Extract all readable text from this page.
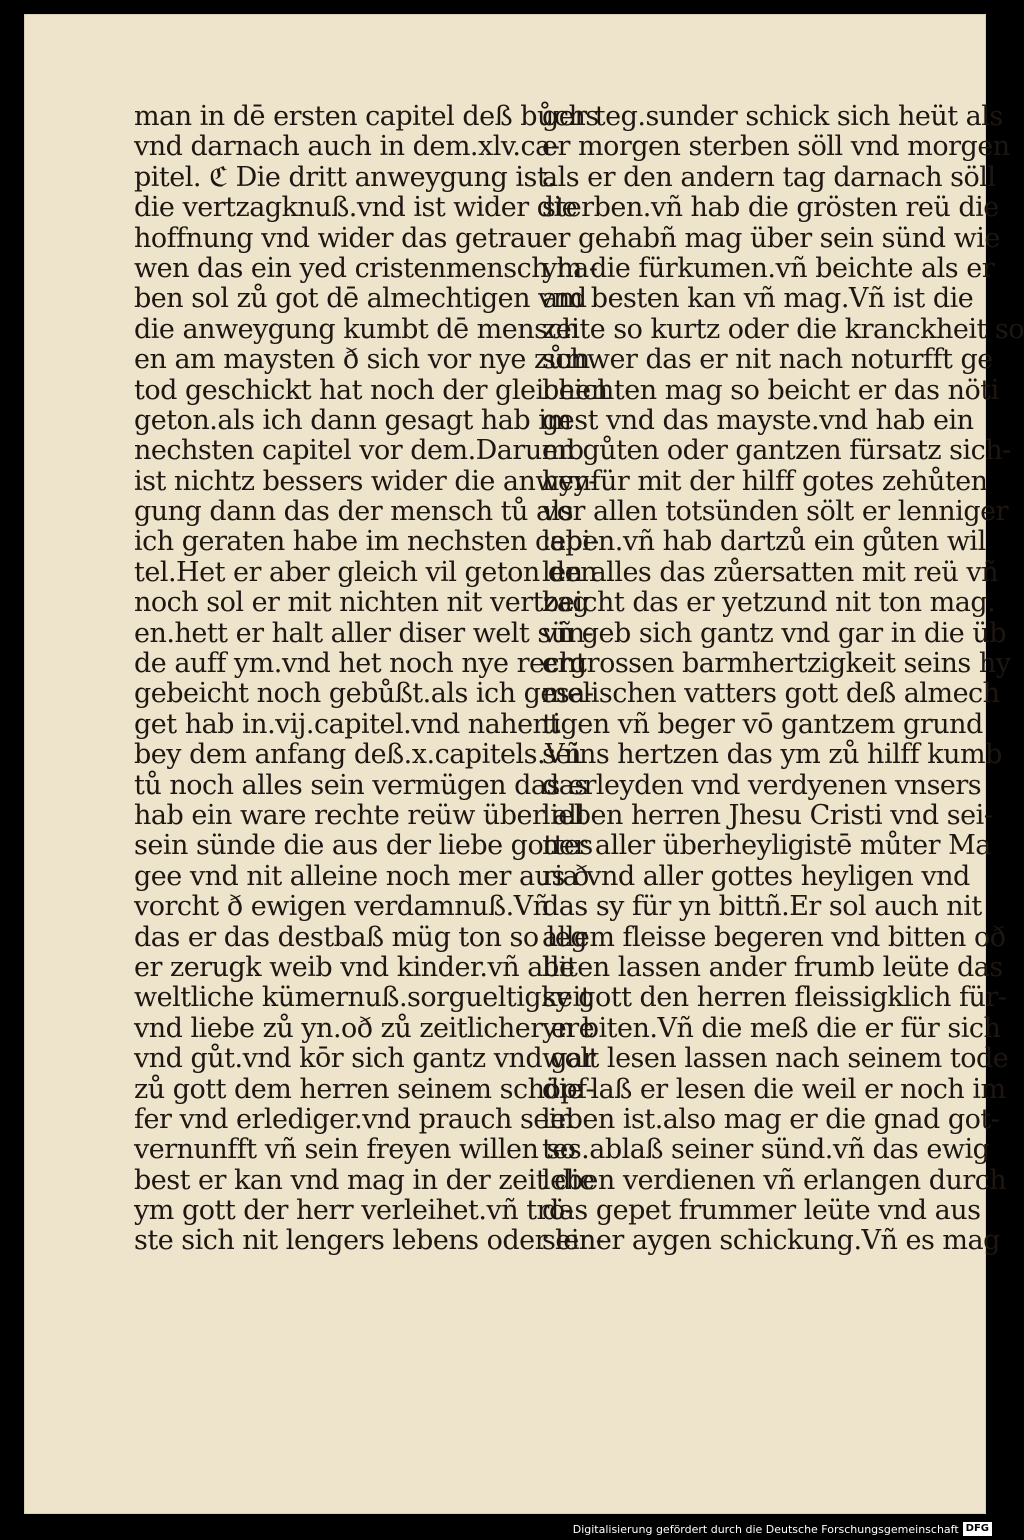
man in dē ersten capitel deß bůchs
vnd darnach auch in dem.xlv.ca-
pitel. ℭ Die dritt anweygung ist.
die vertzagknuß.vnd ist wider die
hoffnung vnd wider das getrau-
wen das ein yed cristenmensch ha-
ben sol zů got dē almechtigen vnd
die anweygung kumbt dē mensch
en am maysten ð sich vor nye zům
tod geschickt hat noch der gleichen
geton.als ich dann gesagt hab im
nechsten capitel vor dem.Darumb
ist nichtz bessers wider die anwey-
gung dann das der mensch tů als
ich geraten habe im nechsten capi-
tel.Het er aber gleich vil geton den
noch sol er mit nichten nit vertzag
en.hett er halt aller diser welt sün-
de auff ym.vnd het noch nye recht
gebeicht noch gebůßt.als ich gesa-
get hab in.vij.capitel.vnd nahent
bey dem anfang deß.x.capitels.Vñ
tů noch alles sein vermügen das er
hab ein ware rechte reüw über all
sein sünde die aus der liebe gottes
gee vnd nit alleine noch mer aus ð
vorcht ð ewigen verdamnuß.Vñ
das er das destbaß müg ton so leg
er zerugk weib vnd kinder.vñ alle
weltliche kümernuß.sorgueltigkeit
vnd liebe zů yn.oð zů zeitlicher ere
vnd gůt.vnd kōr sich gantz vnd gar
zů gott dem herren seinem schöpf-
fer vnd erlediger.vnd prauch sein
vernunfft vñ sein freyen willen so
best er kan vnd mag in der zeit die
ym gott der herr verleihet.vñ trö-
ste sich nit lengers lebens oder len-
ger teg.sunder schick sich heüt als
er morgen sterben söll vnd morgen
als er den andern tag darnach söll
sterben.vñ hab die grösten reü die
er gehabñ mag über sein sünd wie
ym die fürkumen.vñ beichte als er
am besten kan vñ mag.Vñ ist die
zeite so kurtz oder die kranckheit so
schwer das er nit nach noturfft ge
beichten mag so beicht er das nöti
gest vnd das mayste.vnd hab ein
en gůten oder gantzen fürsatz sich-
hynfür mit der hilff gotes zehůten
vor allen totsünden sölt er lenniger
leben.vñ hab dartzů ein gůten wil
len alles das zůersatten mit reü vñ
beicht das er yetzund nit ton mag.
vñ geb sich gantz vnd gar in die üb
ergrossen barmhertzigkeit seins hy
melischen vatters gott deß almech
tigen vñ beger vō gantzem grund
seins hertzen das ym zů hilff kumb
das leyden vnd verdyenen vnsers
lieben herren Jhesu Cristi vnd sei-
ner aller überheyligistē můter Ma
ria vnd aller gottes heyligen vnd
das sy für yn bittñ.Er sol auch nit
allem fleisse begeren vnd bitten oð
biten lassen ander frumb leüte das
sy gott den herren fleissigklich für-
yn biten.Vñ die meß die er für sich
wolt lesen lassen nach seinem tode
die laß er lesen die weil er noch im
leben ist.also mag er die gnad got-
tes.ablaß seiner sünd.vñ das ewig
leben verdienen vñ erlangen durch
das gepet frummer leüte vnd aus
seiner aygen schickung.Vñ es mag
Digitalisierung gefördert durch die Deutsche Forschungsgemeinschaft DFG
